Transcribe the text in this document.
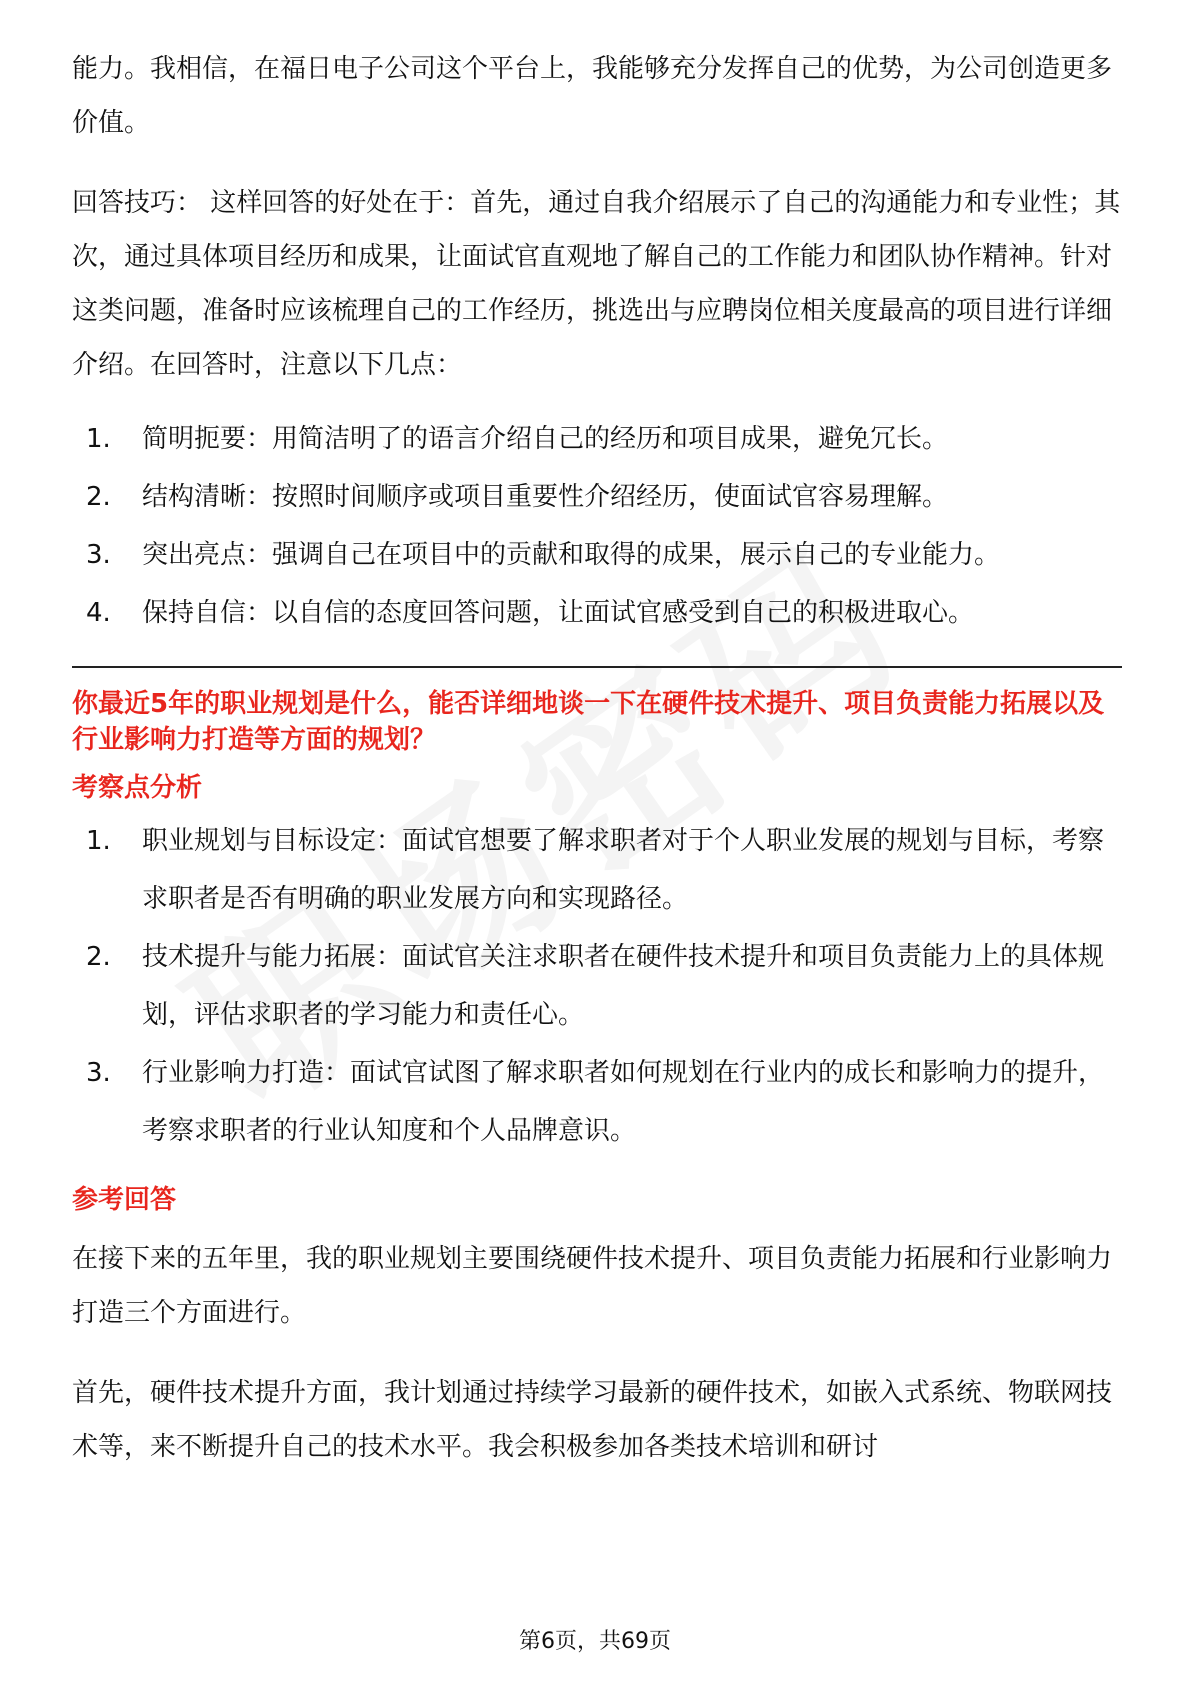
能力。我相信，在福日电子公司这个平台上，我能够充分发挥自己的优势，为公司创造更多价值。

回答技巧： 这样回答的好处在于：首先，通过自我介绍展示了自己的沟通能力和专业性；其次，通过具体项目经历和成果，让面试官直观地了解自己的工作能力和团队协作精神。针对这类问题，准备时应该梳理自己的工作经历，挑选出与应聘岗位相关度最高的项目进行详细介绍。在回答时，注意以下几点：

1.	简明扼要：用简洁明了的语言介绍自己的经历和项目成果，避免冗长。
2.	结构清晰：按照时间顺序或项目重要性介绍经历，使面试官容易理解。
3.	突出亮点：强调自己在项目中的贡献和取得的成果，展示自己的专业能力。
4.	保持自信：以自信的态度回答问题，让面试官感受到自己的积极进取心。

你最近5年的职业规划是什么，能否详细地谈一下在硬件技术提升、项目负责能力拓展以及行业影响力打造等方面的规划？

考察点分析

1.	职业规划与目标设定：面试官想要了解求职者对于个人职业发展的规划与目标，考察求职者是否有明确的职业发展方向和实现路径。
2.	技术提升与能力拓展：面试官关注求职者在硬件技术提升和项目负责能力上的具体规划，评估求职者的学习能力和责任心。
3.	行业影响力打造：面试官试图了解求职者如何规划在行业内的成长和影响力的提升，考察求职者的行业认知度和个人品牌意识。

参考回答

在接下来的五年里，我的职业规划主要围绕硬件技术提升、项目负责能力拓展和行业影响力打造三个方面进行。

首先，硬件技术提升方面，我计划通过持续学习最新的硬件技术，如嵌入式系统、物联网技术等，来不断提升自己的技术水平。我会积极参加各类技术培训和研讨

第6页，共69页
